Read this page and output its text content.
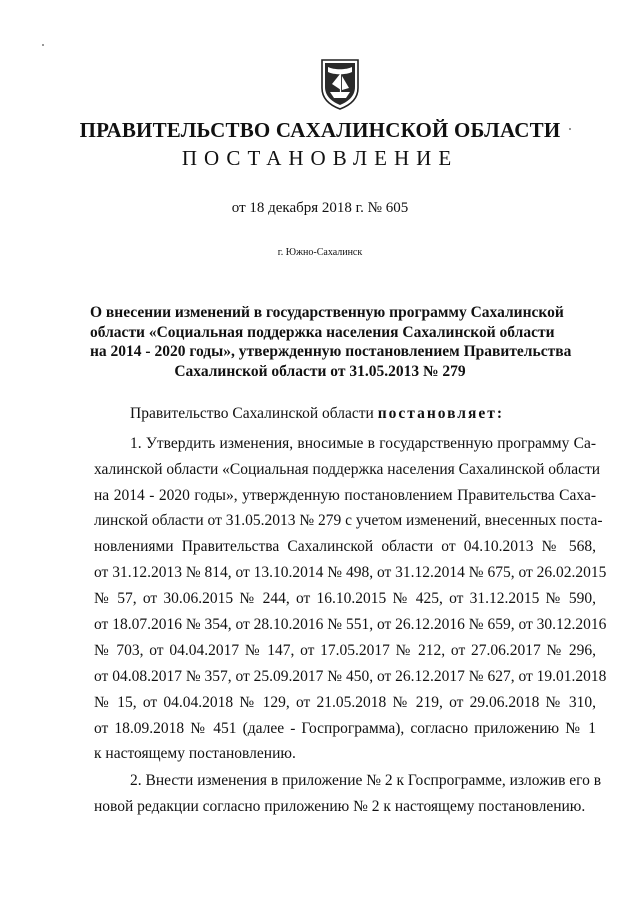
ПРАВИТЕЛЬСТВО САХАЛИНСКОЙ ОБЛАСТИ
ПОСТАНОВЛЕНИЕ
от 18 декабря 2018 г. № 605
г. Южно-Сахалинск
О внесении изменений в государственную программу Сахалинской
области «Социальная поддержка населения Сахалинской области
на 2014 - 2020 годы», утвержденную постановлением Правительства
Сахалинской области от 31.05.2013 № 279
Правительство Сахалинской области постановляет:
1. Утвердить изменения, вносимые в государственную программу Са-
халинской области «Социальная поддержка населения Сахалинской области
на 2014 - 2020 годы», утвержденную постановлением Правительства Саха-
линской области от 31.05.2013 № 279 с учетом изменений, внесенных поста-
новлениями Правительства Сахалинской области от 04.10.2013 № 568,
от 31.12.2013 № 814, от 13.10.2014 № 498, от 31.12.2014 № 675, от 26.02.2015
№ 57, от 30.06.2015 № 244, от 16.10.2015 № 425, от 31.12.2015 № 590,
от 18.07.2016 № 354, от 28.10.2016 № 551, от 26.12.2016 № 659, от 30.12.2016
№ 703, от 04.04.2017 № 147, от 17.05.2017 № 212, от 27.06.2017 № 296,
от 04.08.2017 № 357, от 25.09.2017 № 450, от 26.12.2017 № 627, от 19.01.2018
№ 15, от 04.04.2018 № 129, от 21.05.2018 № 219, от 29.06.2018 № 310,
от 18.09.2018 № 451 (далее - Госпрограмма), согласно приложению № 1
к настоящему постановлению.
2. Внести изменения в приложение № 2 к Госпрограмме, изложив его в
новой редакции согласно приложению № 2 к настоящему постановлению.
